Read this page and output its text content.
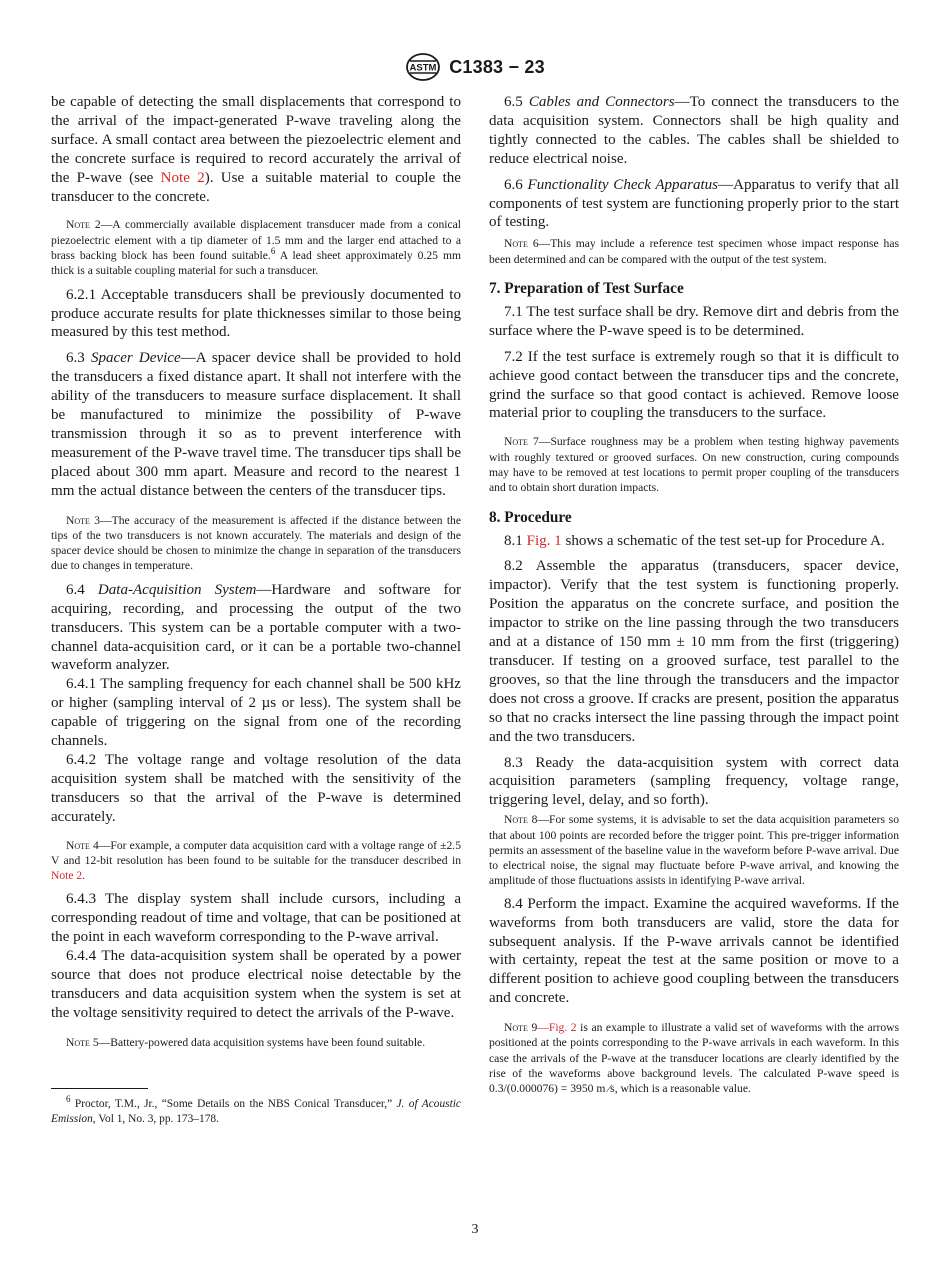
ASTM C1383 − 23

be capable of detecting the small displacements that correspond to the arrival of the impact-generated P-wave traveling along the surface. A small contact area between the piezoelectric element and the concrete surface is required to record accurately the arrival of the P-wave (see Note 2). Use a suitable material to couple the transducer to the concrete.

Note 2—A commercially available displacement transducer made from a conical piezoelectric element with a tip diameter of 1.5 mm and the larger end attached to a brass backing block has been found suitable.$^6$ A lead sheet approximately 0.25 mm thick is a suitable coupling material for such a transducer.

6.2.1 Acceptable transducers shall be previously documented to produce accurate results for plate thicknesses similar to those being measured by this test method.

6.3 Spacer Device—A spacer device shall be provided to hold the transducers a fixed distance apart. It shall not interfere with the ability of the transducers to measure surface displacement. It shall be manufactured to minimize the possibility of P-wave transmission through it so as to prevent interference with measurement of the P-wave travel time. The transducer tips shall be placed about 300 mm apart. Measure and record to the nearest 1 mm the actual distance between the centers of the transducer tips.

Note 3—The accuracy of the measurement is affected if the distance between the tips of the two transducers is not known accurately. The materials and design of the spacer device should be chosen to minimize the change in separation of the transducers due to changes in temperature.

6.4 Data-Acquisition System—Hardware and software for acquiring, recording, and processing the output of the two transducers. This system can be a portable computer with a two-channel data-acquisition card, or it can be a portable two-channel waveform analyzer.

6.4.1 The sampling frequency for each channel shall be 500 kHz or higher (sampling interval of 2 µs or less). The system shall be capable of triggering on the signal from one of the recording channels.

6.4.2 The voltage range and voltage resolution of the data acquisition system shall be matched with the sensitivity of the transducers so that the arrival of the P-wave is determined accurately.

Note 4—For example, a computer data acquisition card with a voltage range of ±2.5 V and 12-bit resolution has been found to be suitable for the transducer described in Note 2.

6.4.3 The display system shall include cursors, including a corresponding readout of time and voltage, that can be positioned at the point in each waveform corresponding to the P-wave arrival.

6.4.4 The data-acquisition system shall be operated by a power source that does not produce electrical noise detectable by the transducers and data acquisition system when the system is set at the voltage sensitivity required to detect the arrivals of the P-wave.

Note 5—Battery-powered data acquisition systems have been found suitable.

$^6$ Proctor, T.M., Jr., “Some Details on the NBS Conical Transducer,” J. of Acoustic Emission, Vol 1, No. 3, pp. 173–178.

6.5 Cables and Connectors—To connect the transducers to the data acquisition system. Connectors shall be high quality and tightly connected to the cables. The cables shall be shielded to reduce electrical noise.

6.6 Functionality Check Apparatus—Apparatus to verify that all components of test system are functioning properly prior to the start of testing.

Note 6—This may include a reference test specimen whose impact response has been determined and can be compared with the output of the test system.

7. Preparation of Test Surface

7.1 The test surface shall be dry. Remove dirt and debris from the surface where the P-wave speed is to be determined.

7.2 If the test surface is extremely rough so that it is difficult to achieve good contact between the transducer tips and the concrete, grind the surface so that good contact is achieved. Remove loose material prior to coupling the transducers to the surface.

Note 7—Surface roughness may be a problem when testing highway pavements with roughly textured or grooved surfaces. On new construction, curing compounds may have to be removed at test locations to permit proper coupling of the transducers and to obtain short duration impacts.

8. Procedure

8.1 Fig. 1 shows a schematic of the test set-up for Procedure A.

8.2 Assemble the apparatus (transducers, spacer device, impactor). Verify that the test system is functioning properly. Position the apparatus on the concrete surface, and position the impactor to strike on the line passing through the two transducers and at a distance of 150 mm ± 10 mm from the first (triggering) transducer. If testing on a grooved surface, test parallel to the grooves, so that the line through the transducers and the impactor does not cross a groove. If cracks are present, position the apparatus so that no cracks intersect the line passing through the impact point and the two transducers.

8.3 Ready the data-acquisition system with correct data acquisition parameters (sampling frequency, voltage range, triggering level, delay, and so forth).

Note 8—For some systems, it is advisable to set the data acquisition parameters so that about 100 points are recorded before the trigger point. This pre-trigger information permits an assessment of the baseline value in the waveform before P-wave arrival. Due to electrical noise, the signal may fluctuate before P-wave arrival, and knowing the amplitude of those fluctuations assists in identifying P-wave arrival.

8.4 Perform the impact. Examine the acquired waveforms. If the waveforms from both transducers are valid, store the data for subsequent analysis. If the P-wave arrivals cannot be identified with certainty, repeat the test at the same position or move to a different position to achieve good coupling between the transducers and concrete.

Note 9—Fig. 2 is an example to illustrate a valid set of waveforms with the arrows positioned at the points corresponding to the P-wave arrivals in each waveform. In this case the arrivals of the P-wave at the transducer locations are clearly identified by the rise of the waveforms above background levels. The calculated P-wave speed is 0.3/(0.000076) = 3950 m ⁄s, which is a reasonable value.

3
